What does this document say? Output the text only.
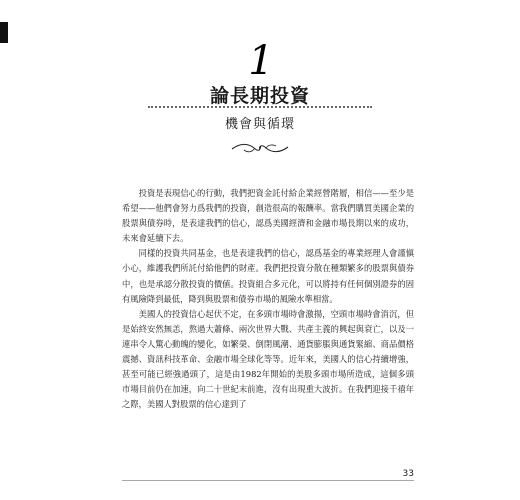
1
論長期投資
機會與循環

投資是表現信心的行動，我們把資金託付給企業經營階層，相信——至少是希望——他們會努力爲我們的投資，創造很高的報酬率。當我們購買美國企業的股票與債券時，是表達我們的信心，認爲美國經濟和金融市場長期以來的成功，未來會延續下去。

同樣的投資共同基金，也是表達我們的信心，認爲基金的專業經理人會謹愼小心，維護我們所託付給他們的財產。我們把投資分散在種類繁多的股票與債券中，也是承認分散投資的價値。投資組合多元化，可以將持有任何個別證券的固有風險降到最低，降到與股票和債券市場的風險水準相當。

美國人的投資信心起伏不定，在多頭市場時會激揚，空頭市場時會消沉，但是始終安然無恙，熬過大蕭條、兩次世界大戰、共產主義的興起與衰亡，以及一連串令人驚心動魄的變化，如繁榮、倒閉風潮、通貨膨脹與通貨緊縮、商品價格震撼、資訊科技革命、金融市場全球化等等。近年來，美國人的信心持續增強，甚至可能已經強過頭了，這是由1982年開始的美股多頭市場所造成，這個多頭市場目前仍在加速，向二十世紀末前進，沒有出現重大波折。在我們迎接千禧年之際，美國人對股票的信心達到了

33
